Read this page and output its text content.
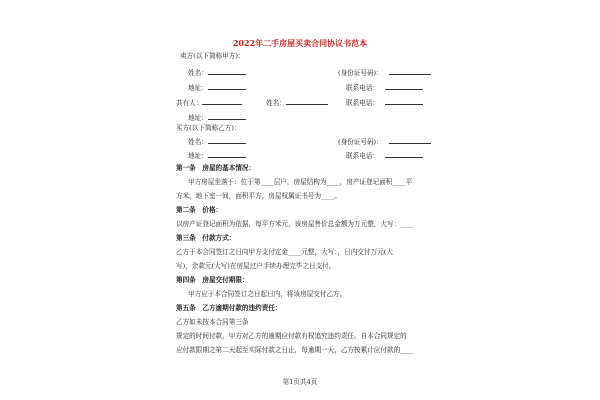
2022年二手房屋买卖合同协议书范本
卖方(以下简称甲方)：
姓名：	(身份证号码)：
地址：	联系电话：
共有人：	姓名：	联系电话：
地址：
买方(以下简称乙方)：
姓名：	(身份证号码)：
地址：	联系电话：
第一条　房屋的基本情况：
甲方房屋坐落于：位于第____层户，房屋结构为____，房产证登记面积____平
方米，地下室一间，面积平方，房屋权属证书号为____。
第二条　价格：
以房产证登记面积为依据，每平方米元，该房屋售价总金额为万元整，大写：____
第三条　付款方式：
乙方于本合同签订之日向甲方支付定金____元整，大写：，日内交付万元(大
写)，余款元(大写)在房屋过户手续办理完毕之日支付。
第四条　房屋交付期限：
甲方应于本合同签订之日起日内，将该房屋交付乙方。
第五条　乙方逾期付款的违约责任：
乙方如未按本合同第三条
规定的时间付款，甲方对乙方的逾期应付款有权追究违约责任。自本合同规定的
应付款限期之第二天起至实际付款之日止，每逾期一天，乙方按累计应付款的____
第1页共4页
